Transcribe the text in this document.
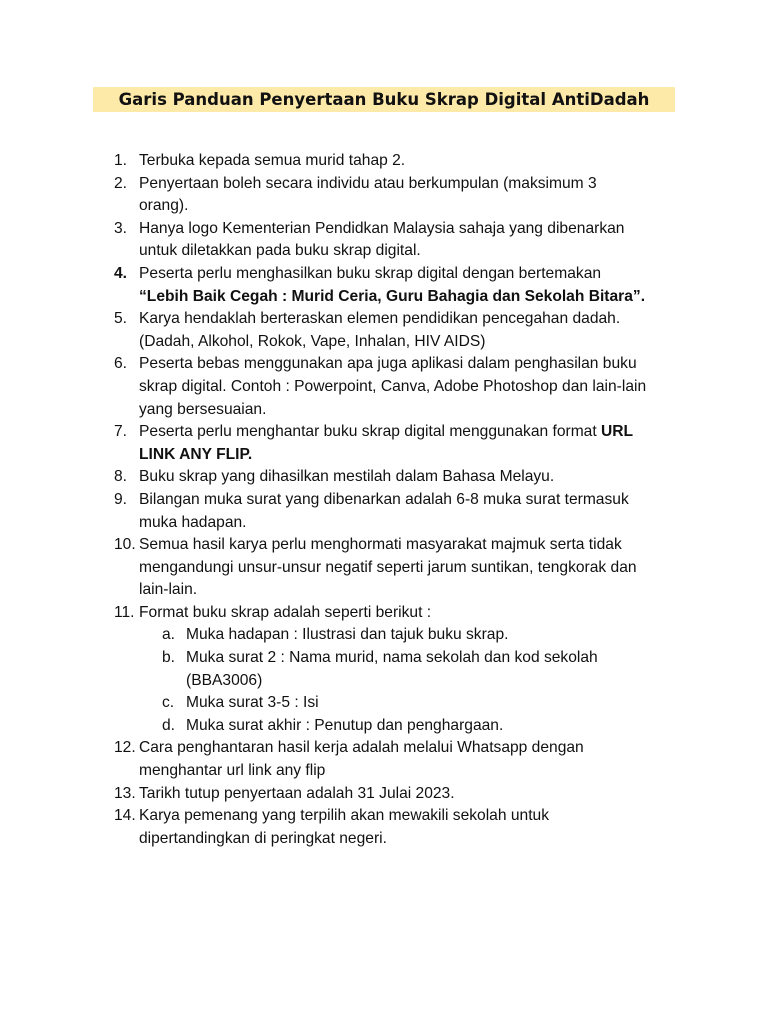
Garis Panduan Penyertaan Buku Skrap Digital AntiDadah
1. Terbuka kepada semua murid tahap 2.
2. Penyertaan boleh secara individu atau berkumpulan (maksimum 3
orang).
3. Hanya logo Kementerian Pendidkan Malaysia sahaja yang dibenarkan
untuk diletakkan pada buku skrap digital.
4. Peserta perlu menghasilkan buku skrap digital dengan bertemakan
“Lebih Baik Cegah : Murid Ceria, Guru Bahagia dan Sekolah Bitara”.
5. Karya hendaklah berteraskan elemen pendidikan pencegahan dadah.
(Dadah, Alkohol, Rokok, Vape, Inhalan, HIV AIDS)
6. Peserta bebas menggunakan apa juga aplikasi dalam penghasilan buku
skrap digital. Contoh : Powerpoint, Canva, Adobe Photoshop dan lain-lain
yang bersesuaian.
7. Peserta perlu menghantar buku skrap digital menggunakan format URL
LINK ANY FLIP.
8. Buku skrap yang dihasilkan mestilah dalam Bahasa Melayu.
9. Bilangan muka surat yang dibenarkan adalah 6-8 muka surat termasuk
muka hadapan.
10. Semua hasil karya perlu menghormati masyarakat majmuk serta tidak
mengandungi unsur-unsur negatif seperti jarum suntikan, tengkorak dan
lain-lain.
11. Format buku skrap adalah seperti berikut :
a. Muka hadapan : Ilustrasi dan tajuk buku skrap.
b. Muka surat 2 : Nama murid, nama sekolah dan kod sekolah
(BBA3006)
c. Muka surat 3-5 : Isi
d. Muka surat akhir : Penutup dan penghargaan.
12. Cara penghantaran hasil kerja adalah melalui Whatsapp dengan
menghantar url link any flip
13. Tarikh tutup penyertaan adalah 31 Julai 2023.
14. Karya pemenang yang terpilih akan mewakili sekolah untuk
dipertandingkan di peringkat negeri.
